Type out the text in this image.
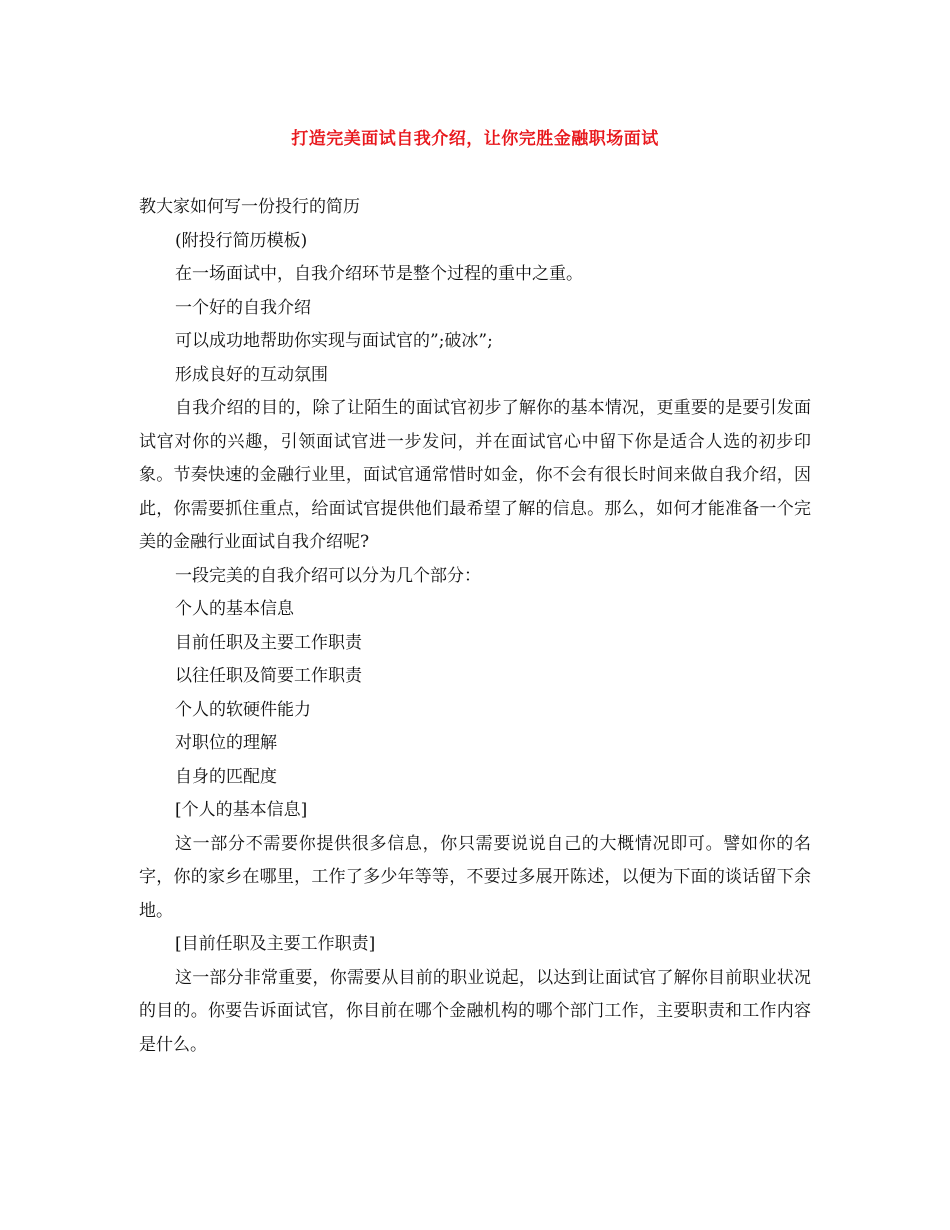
打造完美面试自我介绍，让你完胜金融职场面试

教大家如何写一份投行的简历

(附投行简历模板)

在一场面试中，自我介绍环节是整个过程的重中之重。

一个好的自我介绍

可以成功地帮助你实现与面试官的”;破冰”;

形成良好的互动氛围

自我介绍的目的，除了让陌生的面试官初步了解你的基本情况，更重要的是要引发面试官对你的兴趣，引领面试官进一步发问，并在面试官心中留下你是适合人选的初步印象。节奏快速的金融行业里，面试官通常惜时如金，你不会有很长时间来做自我介绍，因此，你需要抓住重点，给面试官提供他们最希望了解的信息。那么，如何才能准备一个完美的金融行业面试自我介绍呢?

一段完美的自我介绍可以分为几个部分：

个人的基本信息

目前任职及主要工作职责

以往任职及简要工作职责

个人的软硬件能力

对职位的理解

自身的匹配度

[个人的基本信息]

这一部分不需要你提供很多信息，你只需要说说自己的大概情况即可。譬如你的名字，你的家乡在哪里，工作了多少年等等，不要过多展开陈述，以便为下面的谈话留下余地。

[目前任职及主要工作职责]

这一部分非常重要，你需要从目前的职业说起，以达到让面试官了解你目前职业状况的目的。你要告诉面试官，你目前在哪个金融机构的哪个部门工作，主要职责和工作内容是什么。
